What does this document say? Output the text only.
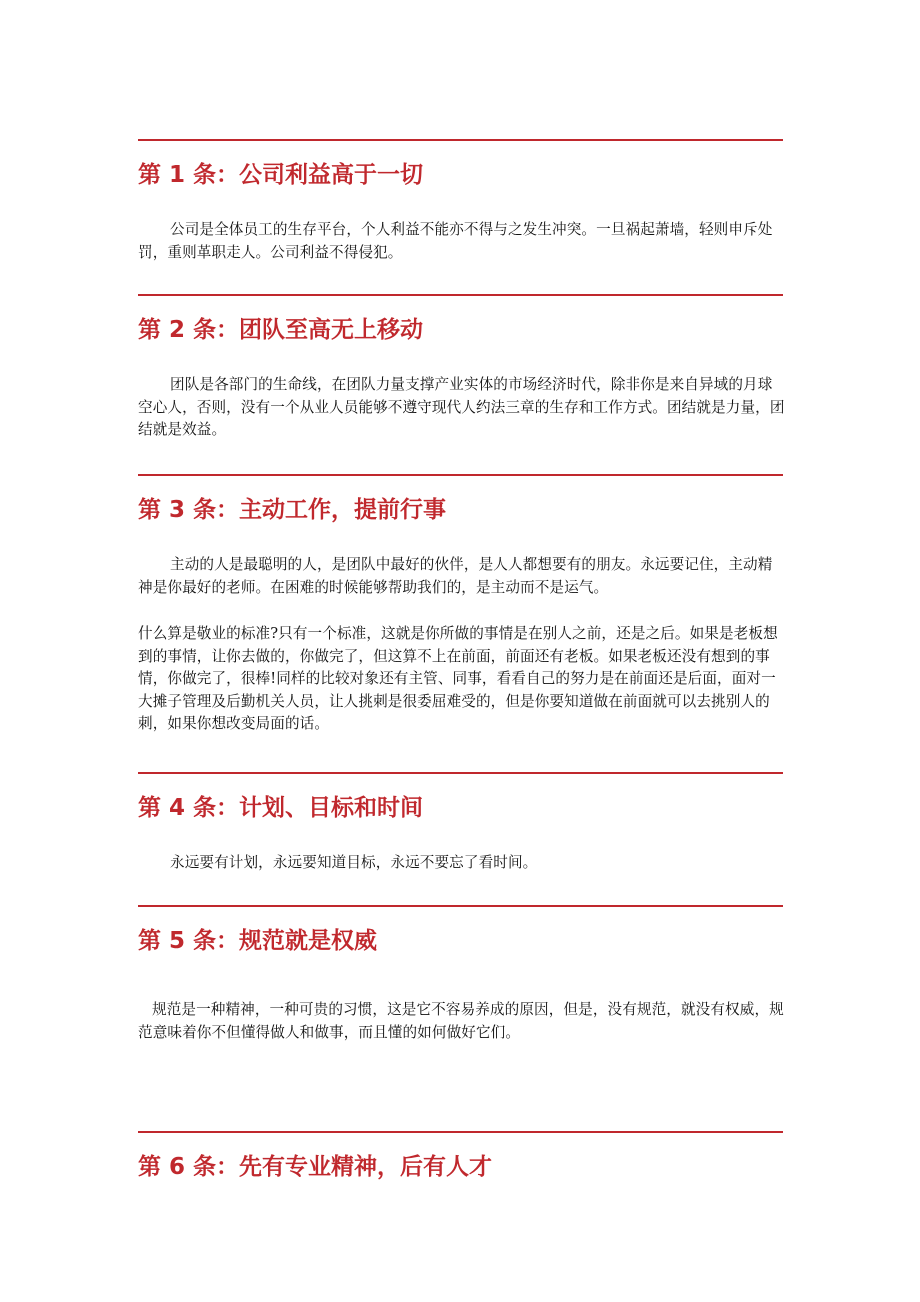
第 1 条：公司利益高于一切

公司是全体员工的生存平台，个人利益不能亦不得与之发生冲突。一旦祸起萧墙，轻则申斥处罚，重则革职走人。公司利益不得侵犯。

第 2 条：团队至高无上移动

团队是各部门的生命线，在团队力量支撑产业实体的市场经济时代，除非你是来自异域的月球空心人，否则，没有一个从业人员能够不遵守现代人约法三章的生存和工作方式。团结就是力量，团结就是效益。

第 3 条：主动工作，提前行事

主动的人是最聪明的人，是团队中最好的伙伴，是人人都想要有的朋友。永远要记住，主动精神是你最好的老师。在困难的时候能够帮助我们的，是主动而不是运气。

什么算是敬业的标准?只有一个标准，这就是你所做的事情是在别人之前，还是之后。如果是老板想到的事情，让你去做的，你做完了，但这算不上在前面，前面还有老板。如果老板还没有想到的事情，你做完了，很棒!同样的比较对象还有主管、同事，看看自己的努力是在前面还是后面，面对一大摊子管理及后勤机关人员，让人挑刺是很委屈难受的，但是你要知道做在前面就可以去挑别人的刺，如果你想改变局面的话。

第 4 条：计划、目标和时间

永远要有计划，永远要知道目标，永远不要忘了看时间。

第 5 条：规范就是权威

规范是一种精神，一种可贵的习惯，这是它不容易养成的原因，但是，没有规范，就没有权威，规范意味着你不但懂得做人和做事，而且懂的如何做好它们。

第 6 条：先有专业精神，后有人才
